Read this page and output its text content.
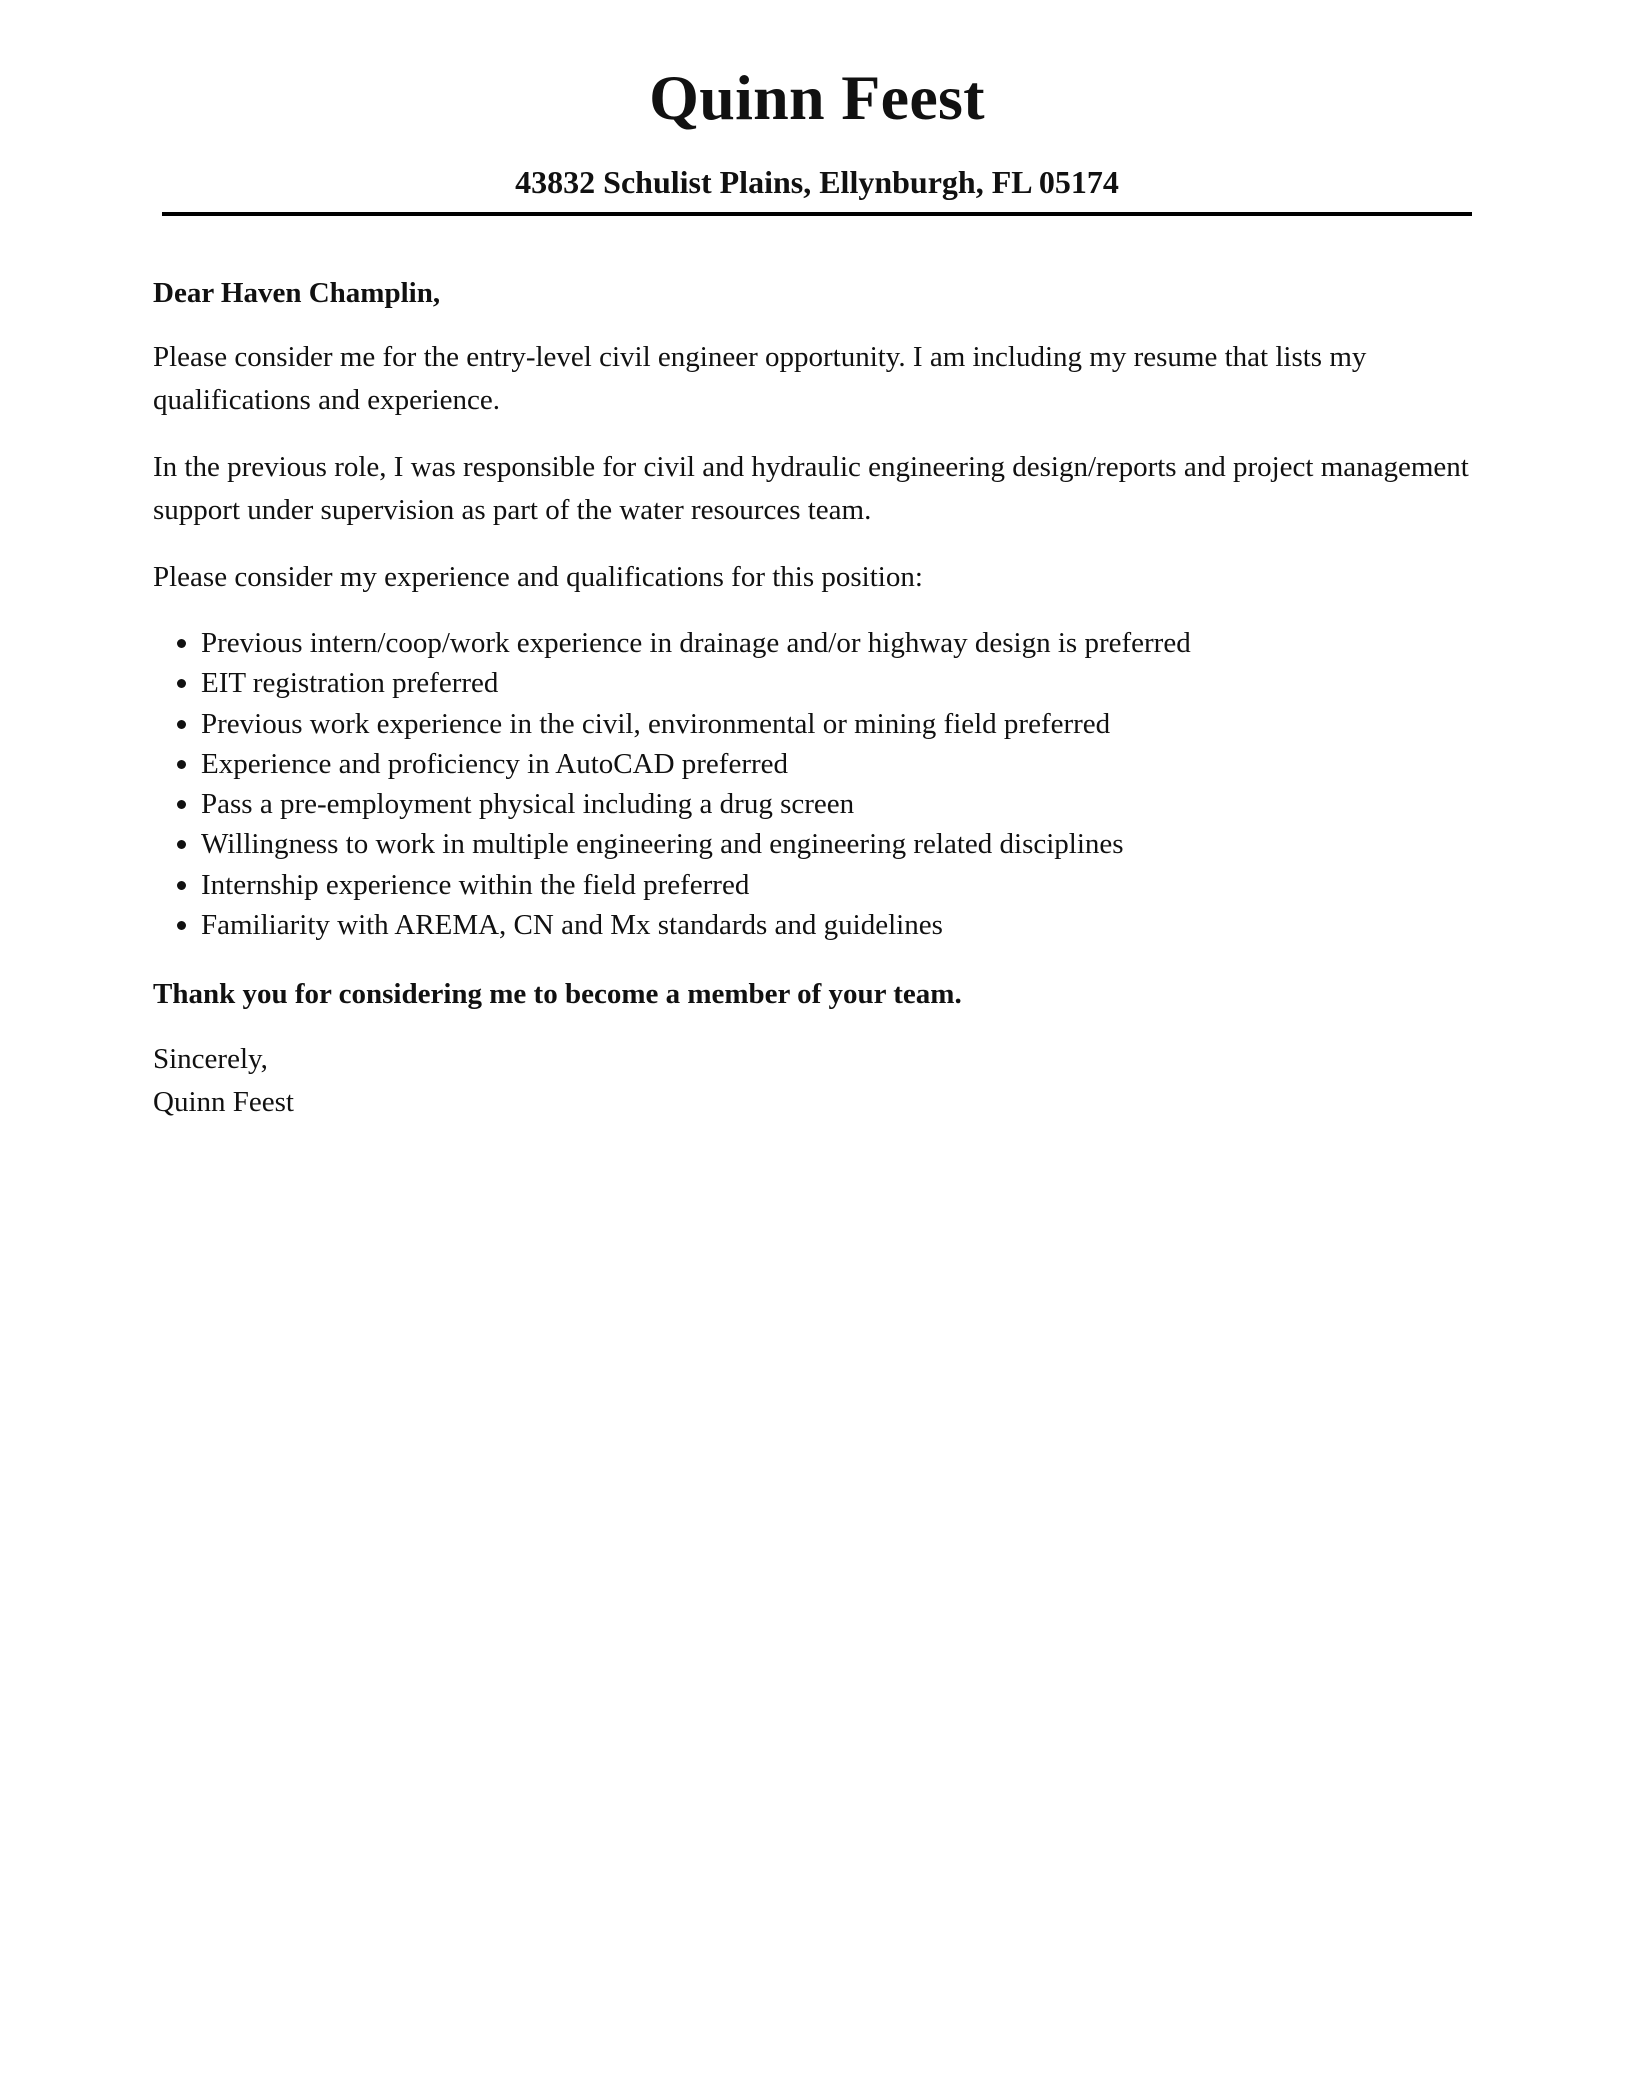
Quinn Feest

43832 Schulist Plains, Ellynburgh, FL 05174

Dear Haven Champlin,

Please consider me for the entry-level civil engineer opportunity. I am including my resume that lists my qualifications and experience.

In the previous role, I was responsible for civil and hydraulic engineering design/reports and project management support under supervision as part of the water resources team.

Please consider my experience and qualifications for this position:

Previous intern/coop/work experience in drainage and/or highway design is preferred
EIT registration preferred
Previous work experience in the civil, environmental or mining field preferred
Experience and proficiency in AutoCAD preferred
Pass a pre-employment physical including a drug screen
Willingness to work in multiple engineering and engineering related disciplines
Internship experience within the field preferred
Familiarity with AREMA, CN and Mx standards and guidelines

Thank you for considering me to become a member of your team.

Sincerely,

Quinn Feest
